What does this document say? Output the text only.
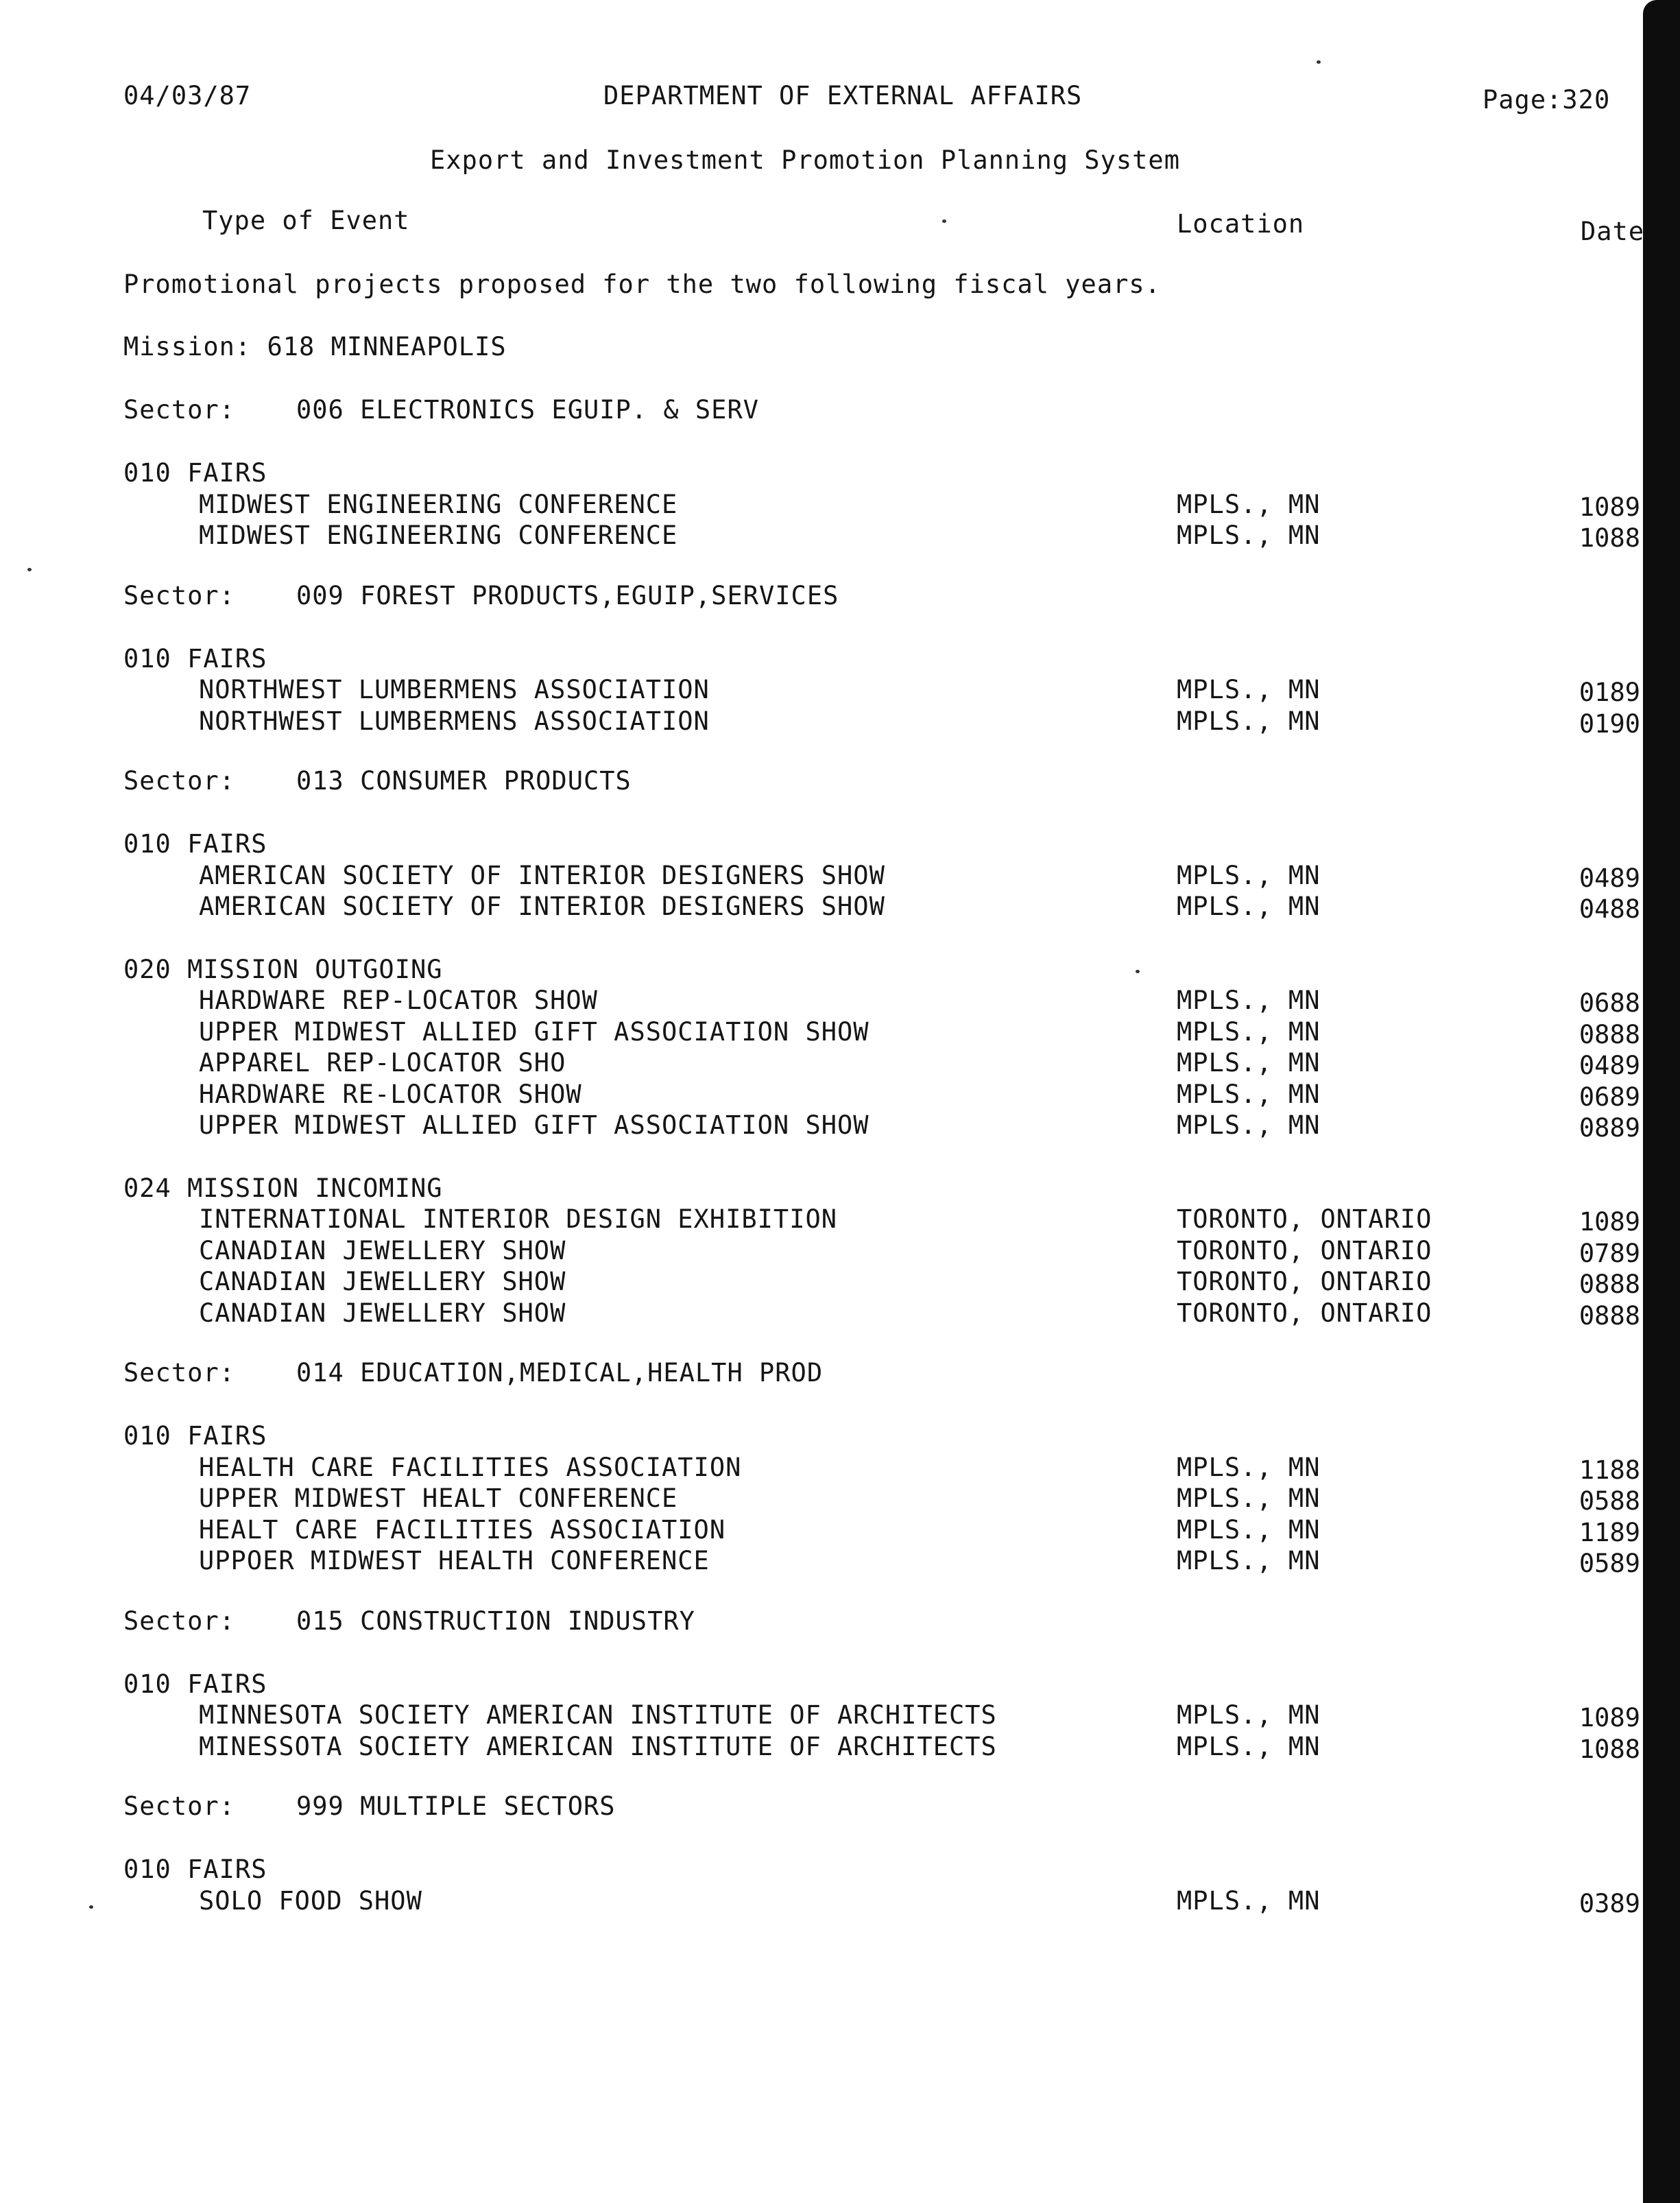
04/03/87	DEPARTMENT OF EXTERNAL AFFAIRS	Page:320
Export and Investment Promotion Planning System
Type of Event	Location	Date
Promotional projects proposed for the two following fiscal years.
Mission: 618 MINNEAPOLIS
Sector: 006 ELECTRONICS EGUIP. & SERV
010 FAIRS
MIDWEST ENGINEERING CONFERENCE	MPLS., MN	1089
MIDWEST ENGINEERING CONFERENCE	MPLS., MN	1088
Sector: 009 FOREST PRODUCTS,EGUIP,SERVICES
010 FAIRS
NORTHWEST LUMBERMENS ASSOCIATION	MPLS., MN	0189
NORTHWEST LUMBERMENS ASSOCIATION	MPLS., MN	0190
Sector: 013 CONSUMER PRODUCTS
010 FAIRS
AMERICAN SOCIETY OF INTERIOR DESIGNERS SHOW	MPLS., MN	0489
AMERICAN SOCIETY OF INTERIOR DESIGNERS SHOW	MPLS., MN	0488
020 MISSION OUTGOING
HARDWARE REP-LOCATOR SHOW	MPLS., MN	0688
UPPER MIDWEST ALLIED GIFT ASSOCIATION SHOW	MPLS., MN	0888
APPAREL REP-LOCATOR SHO	MPLS., MN	0489
HARDWARE RE-LOCATOR SHOW	MPLS., MN	0689
UPPER MIDWEST ALLIED GIFT ASSOCIATION SHOW	MPLS., MN	0889
024 MISSION INCOMING
INTERNATIONAL INTERIOR DESIGN EXHIBITION	TORONTO, ONTARIO	1089
CANADIAN JEWELLERY SHOW	TORONTO, ONTARIO	0789
CANADIAN JEWELLERY SHOW	TORONTO, ONTARIO	0888
CANADIAN JEWELLERY SHOW	TORONTO, ONTARIO	0888
Sector: 014 EDUCATION,MEDICAL,HEALTH PROD
010 FAIRS
HEALTH CARE FACILITIES ASSOCIATION	MPLS., MN	1188
UPPER MIDWEST HEALT CONFERENCE	MPLS., MN	0588
HEALT CARE FACILITIES ASSOCIATION	MPLS., MN	1189
UPPOER MIDWEST HEALTH CONFERENCE	MPLS., MN	0589
Sector: 015 CONSTRUCTION INDUSTRY
010 FAIRS
MINNESOTA SOCIETY AMERICAN INSTITUTE OF ARCHITECTS	MPLS., MN	1089
MINESSOTA SOCIETY AMERICAN INSTITUTE OF ARCHITECTS	MPLS., MN	1088
Sector: 999 MULTIPLE SECTORS
010 FAIRS
SOLO FOOD SHOW	MPLS., MN	0389
